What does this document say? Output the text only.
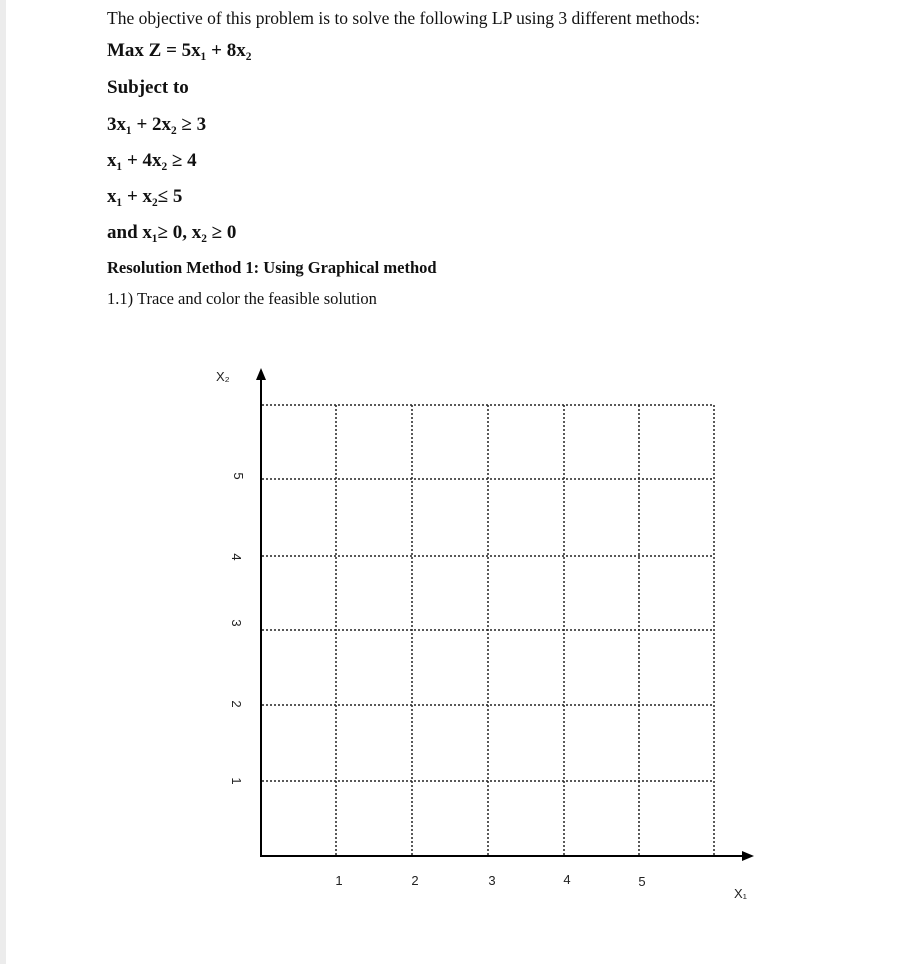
The objective of this problem is to solve the following LP using 3 different methods:
Max Z = 5x₁ + 8x₂
Subject to
3x₁ + 2x₂ ≥ 3
x₁ + 4x₂ ≥ 4
x₁ + x₂≤ 5
and x₁≥ 0, x₂ ≥ 0
Resolution Method 1: Using Graphical method
1.1) Trace and color the feasible solution
X₂
X₁
1	2	3	4	5
1
2
3
4
5
